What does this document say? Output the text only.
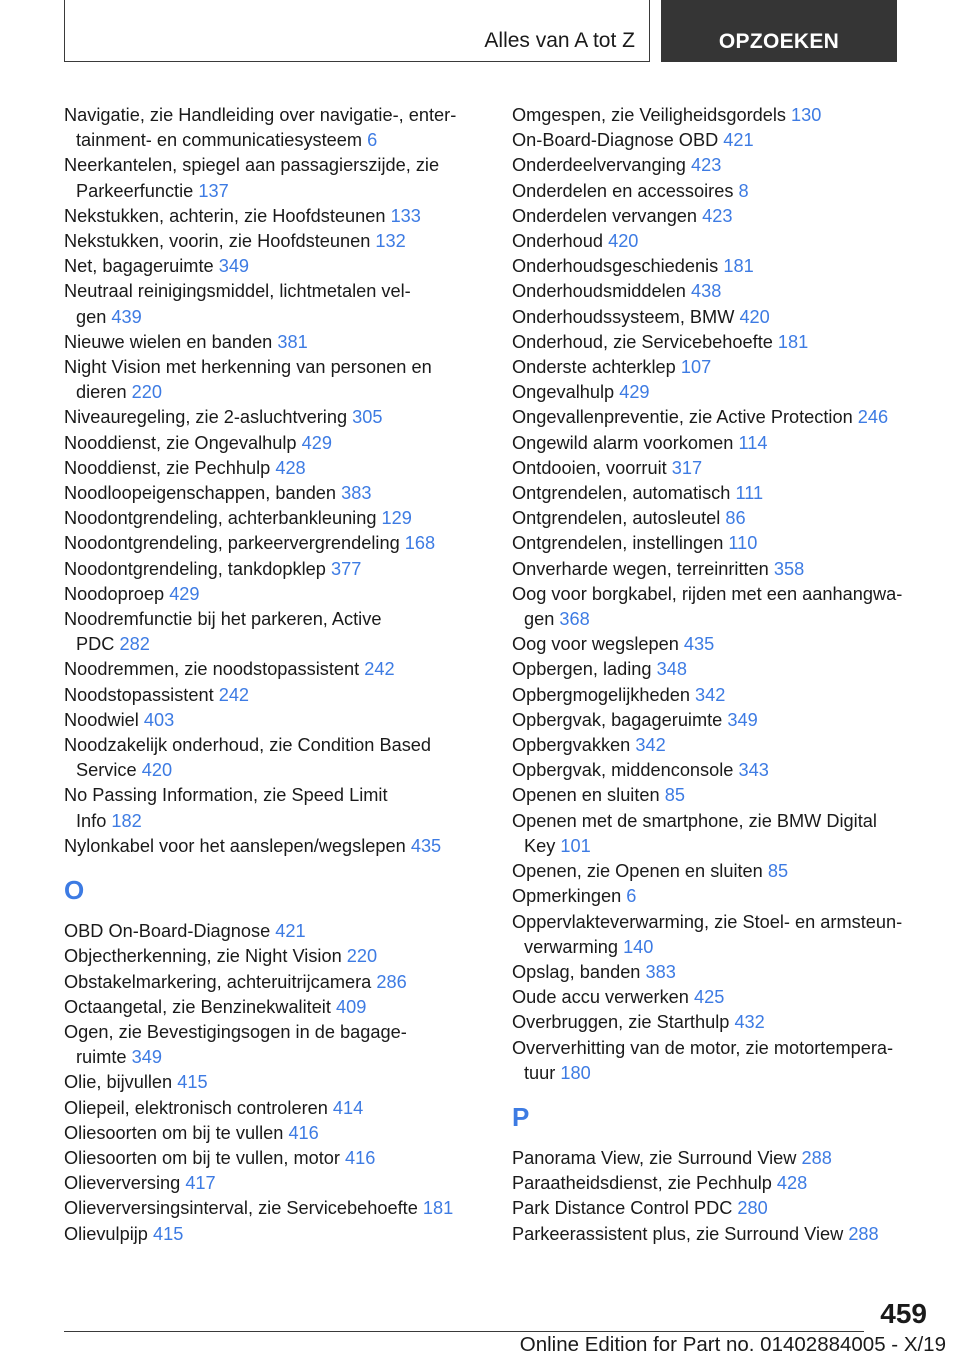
Alles van A tot Z	OPZOEKEN
Navigatie, zie Handleiding over navigatie-, enter‐
tainment- en communicatiesysteem 6
Neerkantelen, spiegel aan passagierszijde, zie
Parkeerfunctie 137
Nekstukken, achterin, zie Hoofdsteunen 133
Nekstukken, voorin, zie Hoofdsteunen 132
Net, bagageruimte 349
Neutraal reinigingsmiddel, lichtmetalen vel‐
gen 439
Nieuwe wielen en banden 381
Night Vision met herkenning van personen en
dieren 220
Niveauregeling, zie 2-asluchtvering 305
Nooddienst, zie Ongevalhulp 429
Nooddienst, zie Pechhulp 428
Noodloopeigenschappen, banden 383
Noodontgrendeling, achterbankleuning 129
Noodontgrendeling, parkeervergrendeling 168
Noodontgrendeling, tankdopklep 377
Noodoproep 429
Noodremfunctie bij het parkeren, Active
PDC 282
Noodremmen, zie noodstopassistent 242
Noodstopassistent 242
Noodwiel 403
Noodzakelijk onderhoud, zie Condition Based
Service 420
No Passing Information, zie Speed Limit
Info 182
Nylonkabel voor het aanslepen/wegslepen 435
O
OBD On-Board-Diagnose 421
Objectherkenning, zie Night Vision 220
Obstakelmarkering, achteruitrijcamera 286
Octaangetal, zie Benzinekwaliteit 409
Ogen, zie Bevestigingsogen in de bagage‐
ruimte 349
Olie, bijvullen 415
Oliepeil, elektronisch controleren 414
Oliesoorten om bij te vullen 416
Oliesoorten om bij te vullen, motor 416
Olieverversing 417
Olieverversingsinterval, zie Servicebehoefte 181
Olievulpijp 415
Omgespen, zie Veiligheidsgordels 130
On-Board-Diagnose OBD 421
Onderdeelvervanging 423
Onderdelen en accessoires 8
Onderdelen vervangen 423
Onderhoud 420
Onderhoudsgeschiedenis 181
Onderhoudsmiddelen 438
Onderhoudssysteem, BMW 420
Onderhoud, zie Servicebehoefte 181
Onderste achterklep 107
Ongevalhulp 429
Ongevallenpreventie, zie Active Protection 246
Ongewild alarm voorkomen 114
Ontdooien, voorruit 317
Ontgrendelen, automatisch 111
Ontgrendelen, autosleutel 86
Ontgrendelen, instellingen 110
Onverharde wegen, terreinritten 358
Oog voor borgkabel, rijden met een aanhangwa‐
gen 368
Oog voor wegslepen 435
Opbergen, lading 348
Opbergmogelijkheden 342
Opbergvak, bagageruimte 349
Opbergvakken 342
Opbergvak, middenconsole 343
Openen en sluiten 85
Openen met de smartphone, zie BMW Digital
Key 101
Openen, zie Openen en sluiten 85
Opmerkingen 6
Oppervlakteverwarming, zie Stoel- en armsteun‐
verwarming 140
Opslag, banden 383
Oude accu verwerken 425
Overbruggen, zie Starthulp 432
Oververhitting van de motor, zie motortempera‐
tuur 180
P
Panorama View, zie Surround View 288
Paraatheidsdienst, zie Pechhulp 428
Park Distance Control PDC 280
Parkeerassistent plus, zie Surround View 288
459
Online Edition for Part no. 01402884005 - X/19
